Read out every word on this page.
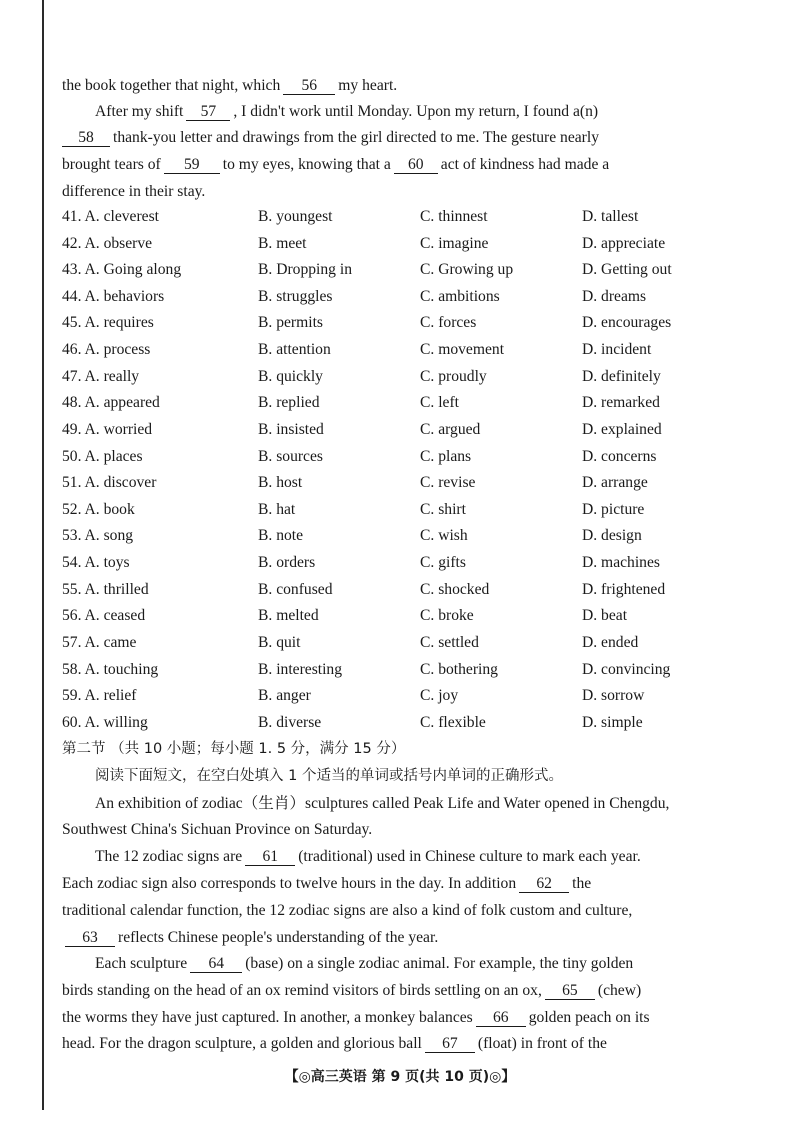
the book together that night, which 56 my heart.
After my shift 57 , I didn't work until Monday. Upon my return, I found a(n)
58 thank-you letter and drawings from the girl directed to me. The gesture nearly
brought tears of 59 to my eyes, knowing that a 60 act of kindness had made a
difference in their stay.
41. A. cleverest	B. youngest	C. thinnest	D. tallest
42. A. observe	B. meet	C. imagine	D. appreciate
43. A. Going along	B. Dropping in	C. Growing up	D. Getting out
44. A. behaviors	B. struggles	C. ambitions	D. dreams
45. A. requires	B. permits	C. forces	D. encourages
46. A. process	B. attention	C. movement	D. incident
47. A. really	B. quickly	C. proudly	D. definitely
48. A. appeared	B. replied	C. left	D. remarked
49. A. worried	B. insisted	C. argued	D. explained
50. A. places	B. sources	C. plans	D. concerns
51. A. discover	B. host	C. revise	D. arrange
52. A. book	B. hat	C. shirt	D. picture
53. A. song	B. note	C. wish	D. design
54. A. toys	B. orders	C. gifts	D. machines
55. A. thrilled	B. confused	C. shocked	D. frightened
56. A. ceased	B. melted	C. broke	D. beat
57. A. came	B. quit	C. settled	D. ended
58. A. touching	B. interesting	C. bothering	D. convincing
59. A. relief	B. anger	C. joy	D. sorrow
60. A. willing	B. diverse	C. flexible	D. simple
第二节 （共 10 小题；每小题 1. 5 分，满分 15 分）
阅读下面短文，在空白处填入 1 个适当的单词或括号内单词的正确形式。
An exhibition of zodiac（生肖）sculptures called Peak Life and Water opened in Chengdu,
Southwest China's Sichuan Province on Saturday.
The 12 zodiac signs are 61 (traditional) used in Chinese culture to mark each year.
Each zodiac sign also corresponds to twelve hours in the day. In addition 62 the
traditional calendar function, the 12 zodiac signs are also a kind of folk custom and culture,
63 reflects Chinese people's understanding of the year.
Each sculpture 64 (base) on a single zodiac animal. For example, the tiny golden
birds standing on the head of an ox remind visitors of birds settling on an ox, 65 (chew)
the worms they have just captured. In another, a monkey balances 66 golden peach on its
head. For the dragon sculpture, a golden and glorious ball 67 (float) in front of the
【◎高三英语 第 9 页(共 10 页)◎】
